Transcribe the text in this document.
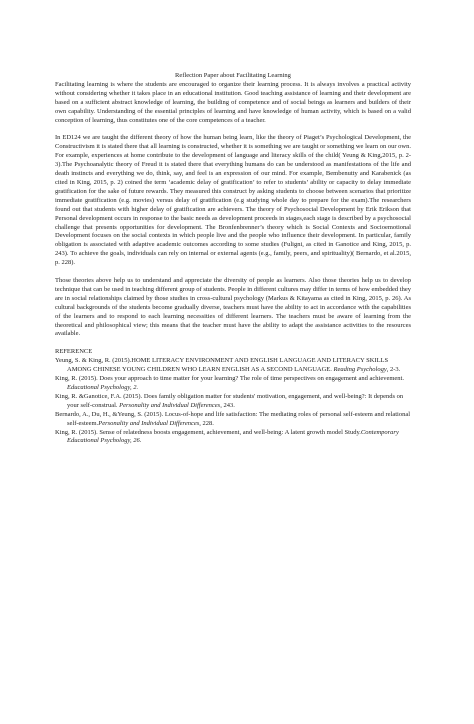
Reflection Paper about Facilitating Learning

Facilitating learning is where the students are encouraged to organize their learning process. It is always involves a practical activity without considering whether it takes place in an educational institution. Good teaching assistance of learning and their development are based on a sufficient abstract knowledge of learning, the building of competence and of social beings as learners and builders of their own capability. Understanding of the essential principles of learning and have knowledge of human activity, which is based on a valid conception of learning, thus constitutes one of the core competences of a teacher.

In ED124 we are taught the different theory of how the human being learn, like the theory of Piaget’s Psychological Development, the Constructivism it is stated there that all learning is constructed, whether it is something we are taught or something we learn on our own. For example, experiences at home contribute to the development of language and literacy skills of the child( Yeung & King,2015, p. 2-3).The Psychoanalytic theory of Freud it is stated there that everything humans do can be understood as manifestations of the life and death instincts and everything we do, think, say, and feel is an expression of our mind. For example, Bembenutty and Karabenick (as cited in King, 2015, p. 2) coined the term ‘academic delay of gratification’ to refer to students’ ability or capacity to delay immediate gratification for the sake of future rewards. They measured this construct by asking students to choose between scenarios that prioritize immediate gratification (e.g. movies) versus delay of gratification (e.g studying whole day to prepare for the exam).The researchers found out that students with higher delay of gratification are achievers. The theory of Psychosocial Development by Erik Erikson that Personal development occurs in response to the basic needs as development proceeds in stages,each stage is described by a psychosocial challenge that presents opportunities for development. The Bronfenbrenner’s theory which is Social Contexts and Socioemotional Development focuses on the social contexts in which people live and the people who influence their development. In particular, family obligation is associated with adaptive academic outcomes according to some studies (Fuligni, as cited in Ganotice and King, 2015, p. 243). To achieve the goals, individuals can rely on internal or external agents (e.g., family, peers, and spirituality)( Bernardo, et al.2015, p. 228).

Those theories above help us to understand and appreciate the diversity of people as learners. Also those theories help us to develop technique that can be used in teaching different group of students. People in different cultures may differ in terms of how embedded they are in social relationships claimed by those studies in cross-cultural psychology (Markus & Kitayama as cited in King, 2015, p. 26). As cultural backgrounds of the students become gradually diverse, teachers must have the ability to act in accordance with the capabilities of the learners and to respond to each learning necessities of different learners. The teachers must be aware of learning from the theoretical and philosophical view; this means that the teacher must have the ability to adapt the assistance activities to the resources available.

REFERENCE

Yeung, S. & King, R. (2015).HOME LITERACY ENVIRONMENT AND ENGLISH LANGUAGE AND LITERACY SKILLS AMONG CHINESE YOUNG CHILDREN WHO LEARN ENGLISH AS A SECOND LANGUAGE. Reading Psychology, 2-3.

King, R. (2015). Does your approach to time matter for your learning? The role of time perspectives on engagement and achievement. Educational Psychology, 2.

King, R. &Ganotice, F.A. (2015). Does family obligation matter for students' motivation, engagement, and well-being?: It depends on your self-construal. Personality and Individual Differences, 243.

Bernardo, A., Du, H., &Yeung, S. (2015). Locus-of-hope and life satisfaction: The mediating roles of personal self-esteem and relational self-esteem.Personality and Individual Differences, 228.

King, R. (2015). Sense of relatedness boosts engagement, achievement, and well-being: A latent growth model Study.Contemporary Educational Psychology, 26.
